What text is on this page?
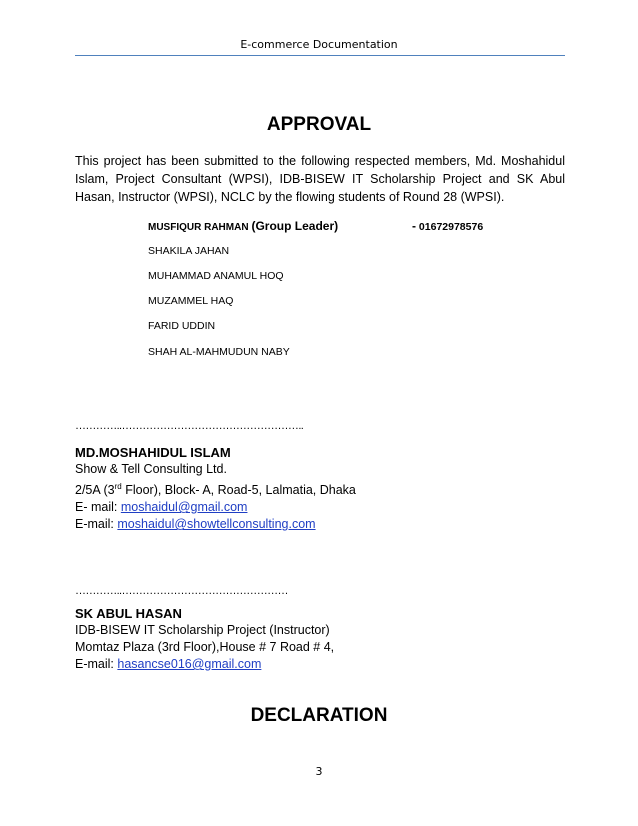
E-commerce Documentation
APPROVAL
This project has been submitted to the following respected members, Md. Moshahidul
Islam, Project Consultant (WPSI), IDB-BISEW IT Scholarship Project and SK Abul
Hasan, Instructor (WPSI), NCLC by the flowing students of Round 28 (WPSI).
MUSFIQUR RAHMAN (Group Leader)	- 01672978576
SHAKILA JAHAN
MUHAMMAD ANAMUL HOQ
MUZAMMEL HAQ
FARID UDDIN
SHAH AL-MAHMUDUN NABY
…………..……………………………………………..
MD.MOSHAHIDUL ISLAM
Show & Tell Consulting Ltd.
2/5A (3rd Floor), Block- A, Road-5, Lalmatia, Dhaka
E- mail: moshaidul@gmail.com
E-mail: moshaidul@showtellconsulting.com
…………..…………………………………………
SK ABUL HASAN
IDB-BISEW IT Scholarship Project (Instructor)
Momtaz Plaza (3rd Floor),House # 7 Road # 4,
E-mail: hasancse016@gmail.com
DECLARATION
3
